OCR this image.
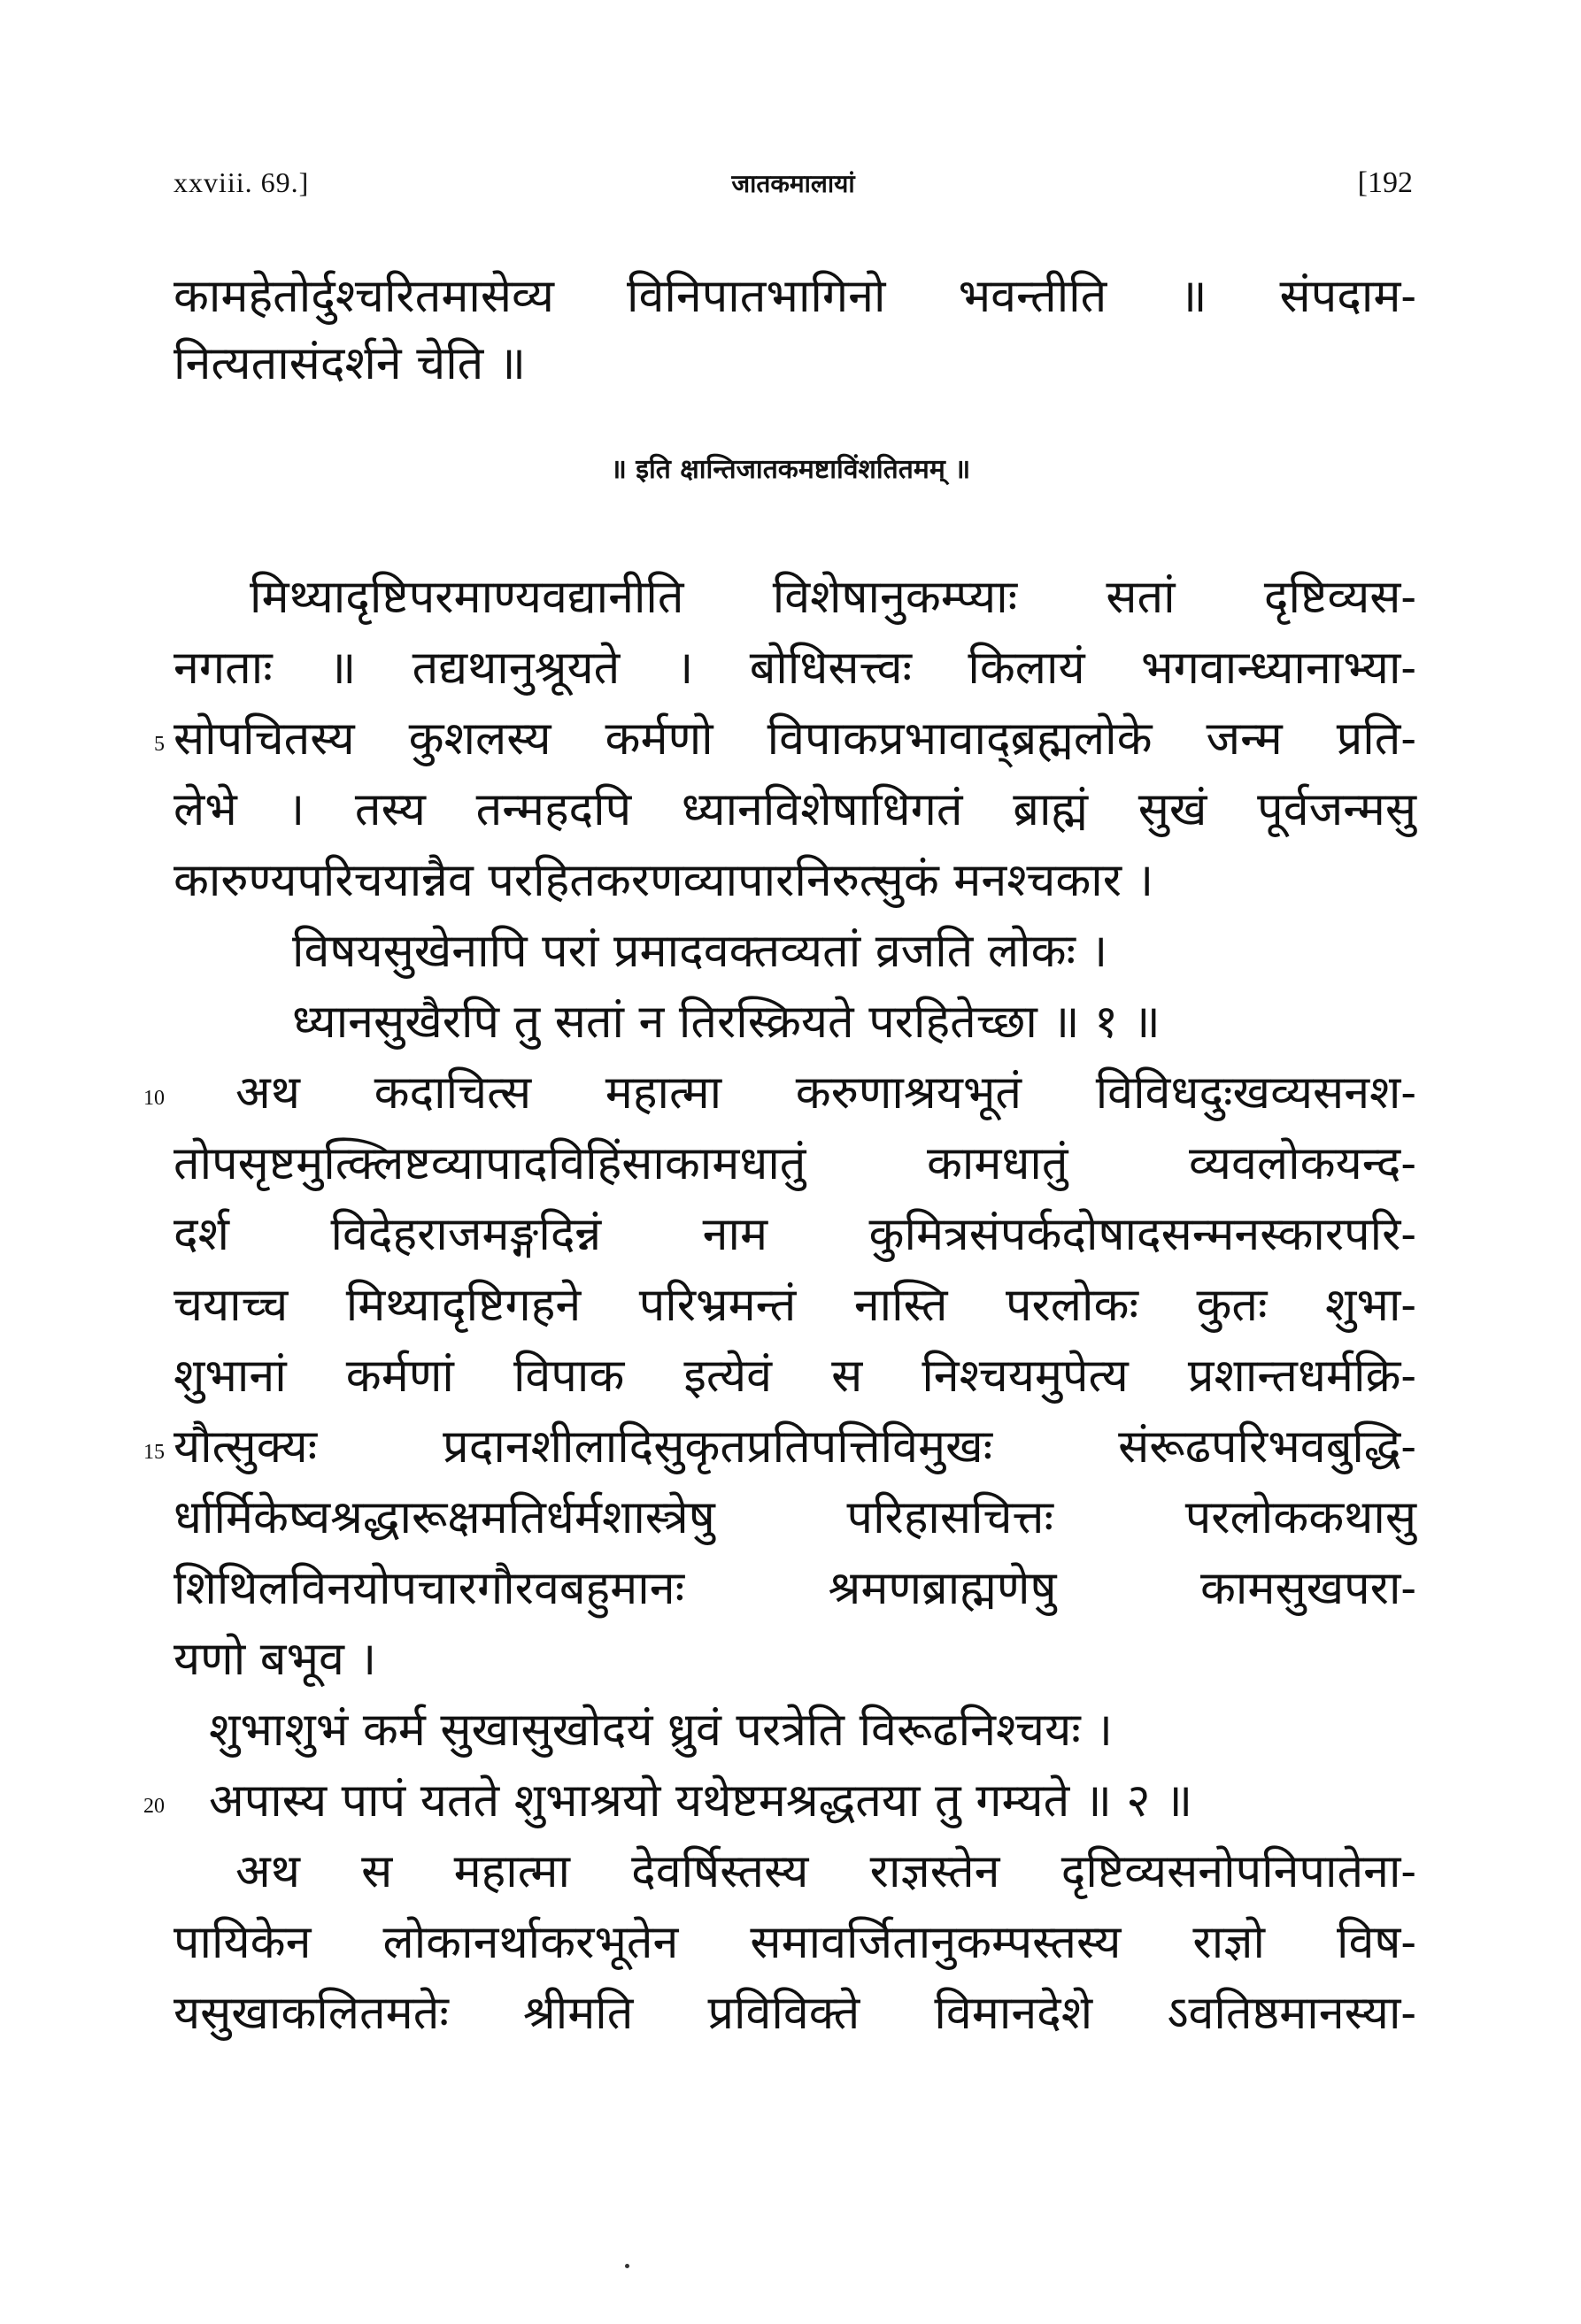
xxviii. 69.]	जातकमालायां	[192
कामहेतोर्दुश्चरितमासेव्य विनिपातभागिनो भवन्तीति ॥ संपदाम-
नित्यतासंदर्शने चेति ॥
॥ इति क्षान्तिजातकमष्टाविंशतितमम् ॥
मिथ्यादृष्टिपरमाण्यवद्यानीति विशेषानुकम्प्याः सतां दृष्टिव्यस-
नगताः ॥ तद्यथानुश्रूयते । बोधिसत्त्वः किलायं भगवान्ध्यानाभ्या-
सोपचितस्य कुशलस्य कर्मणो विपाकप्रभावाद्ब्रह्मलोके जन्म प्रति-
लेभे । तस्य तन्महदपि ध्यानविशेषाधिगतं ब्राह्मं सुखं पूर्वजन्मसु
कारुण्यपरिचयान्नैव परहितकरणव्यापारनिरुत्सुकं मनश्चकार ।
विषयसुखेनापि परां प्रमादवक्तव्यतां व्रजति लोकः ।
ध्यानसुखैरपि तु सतां न तिरस्क्रियते परहितेच्छा ॥ १ ॥
अथ कदाचित्स महात्मा करुणाश्रयभूतं विविधदुःखव्यसनश-
तोपसृष्टमुत्क्लिष्टव्यापादविहिंसाकामधातुं कामधातुं व्यवलोकयन्द-
दर्श विदेहराजमङ्गदिन्नं नाम कुमित्रसंपर्कदोषादसन्मनस्कारपरि-
चयाच्च मिथ्यादृष्टिगहने परिभ्रमन्तं नास्ति परलोकः कुतः शुभा-
शुभानां कर्मणां विपाक इत्येवं स निश्चयमुपेत्य प्रशान्तधर्मक्रि-
यौत्सुक्यः प्रदानशीलादिसुकृतप्रतिपत्तिविमुखः संरूढपरिभवबुद्धि-
र्धार्मिकेष्वश्रद्धारूक्षमतिर्धर्मशास्त्रेषु परिहासचित्तः परलोककथासु
शिथिलविनयोपचारगौरवबहुमानः श्रमणब्राह्मणेषु कामसुखपरा-
यणो बभूव ।
शुभाशुभं कर्म सुखासुखोदयं ध्रुवं परत्रेति विरूढनिश्चयः ।
अपास्य पापं यतते शुभाश्रयो यथेष्टमश्रद्धतया तु गम्यते ॥ २ ॥
अथ स महात्मा देवर्षिस्तस्य राज्ञस्तेन दृष्टिव्यसनोपनिपातेना-
पायिकेन लोकानर्थाकरभूतेन समावर्जितानुकम्पस्तस्य राज्ञो विष-
यसुखाकलितमतेः श्रीमति प्रविविक्ते विमानदेशे ऽवतिष्ठमानस्या-
5
10
15
20
